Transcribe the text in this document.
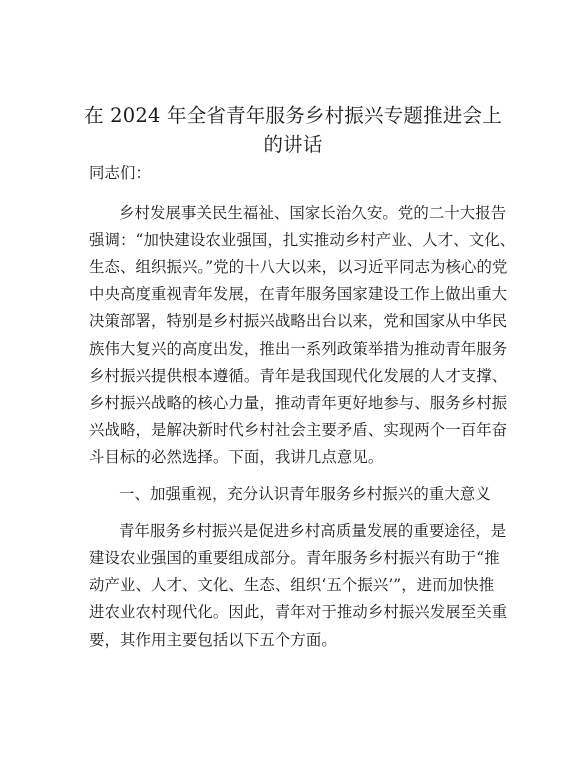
在 2024 年全省青年服务乡村振兴专题推进会上
的讲话
同志们：
乡村发展事关民生福祉、国家长治久安。党的二十大报告
强调：“加快建设农业强国，扎实推动乡村产业、人才、文化、
生态、组织振兴。”党的十八大以来，以习近平同志为核心的党
中央高度重视青年发展，在青年服务国家建设工作上做出重大
决策部署，特别是乡村振兴战略出台以来，党和国家从中华民
族伟大复兴的高度出发，推出一系列政策举措为推动青年服务
乡村振兴提供根本遵循。青年是我国现代化发展的人才支撑、
乡村振兴战略的核心力量，推动青年更好地参与、服务乡村振
兴战略，是解决新时代乡村社会主要矛盾、实现两个一百年奋
斗目标的必然选择。下面，我讲几点意见。
一、加强重视，充分认识青年服务乡村振兴的重大意义
青年服务乡村振兴是促进乡村高质量发展的重要途径，是
建设农业强国的重要组成部分。青年服务乡村振兴有助于“推
动产业、人才、文化、生态、组织‘五个振兴’”，进而加快推
进农业农村现代化。因此，青年对于推动乡村振兴发展至关重
要，其作用主要包括以下五个方面。
